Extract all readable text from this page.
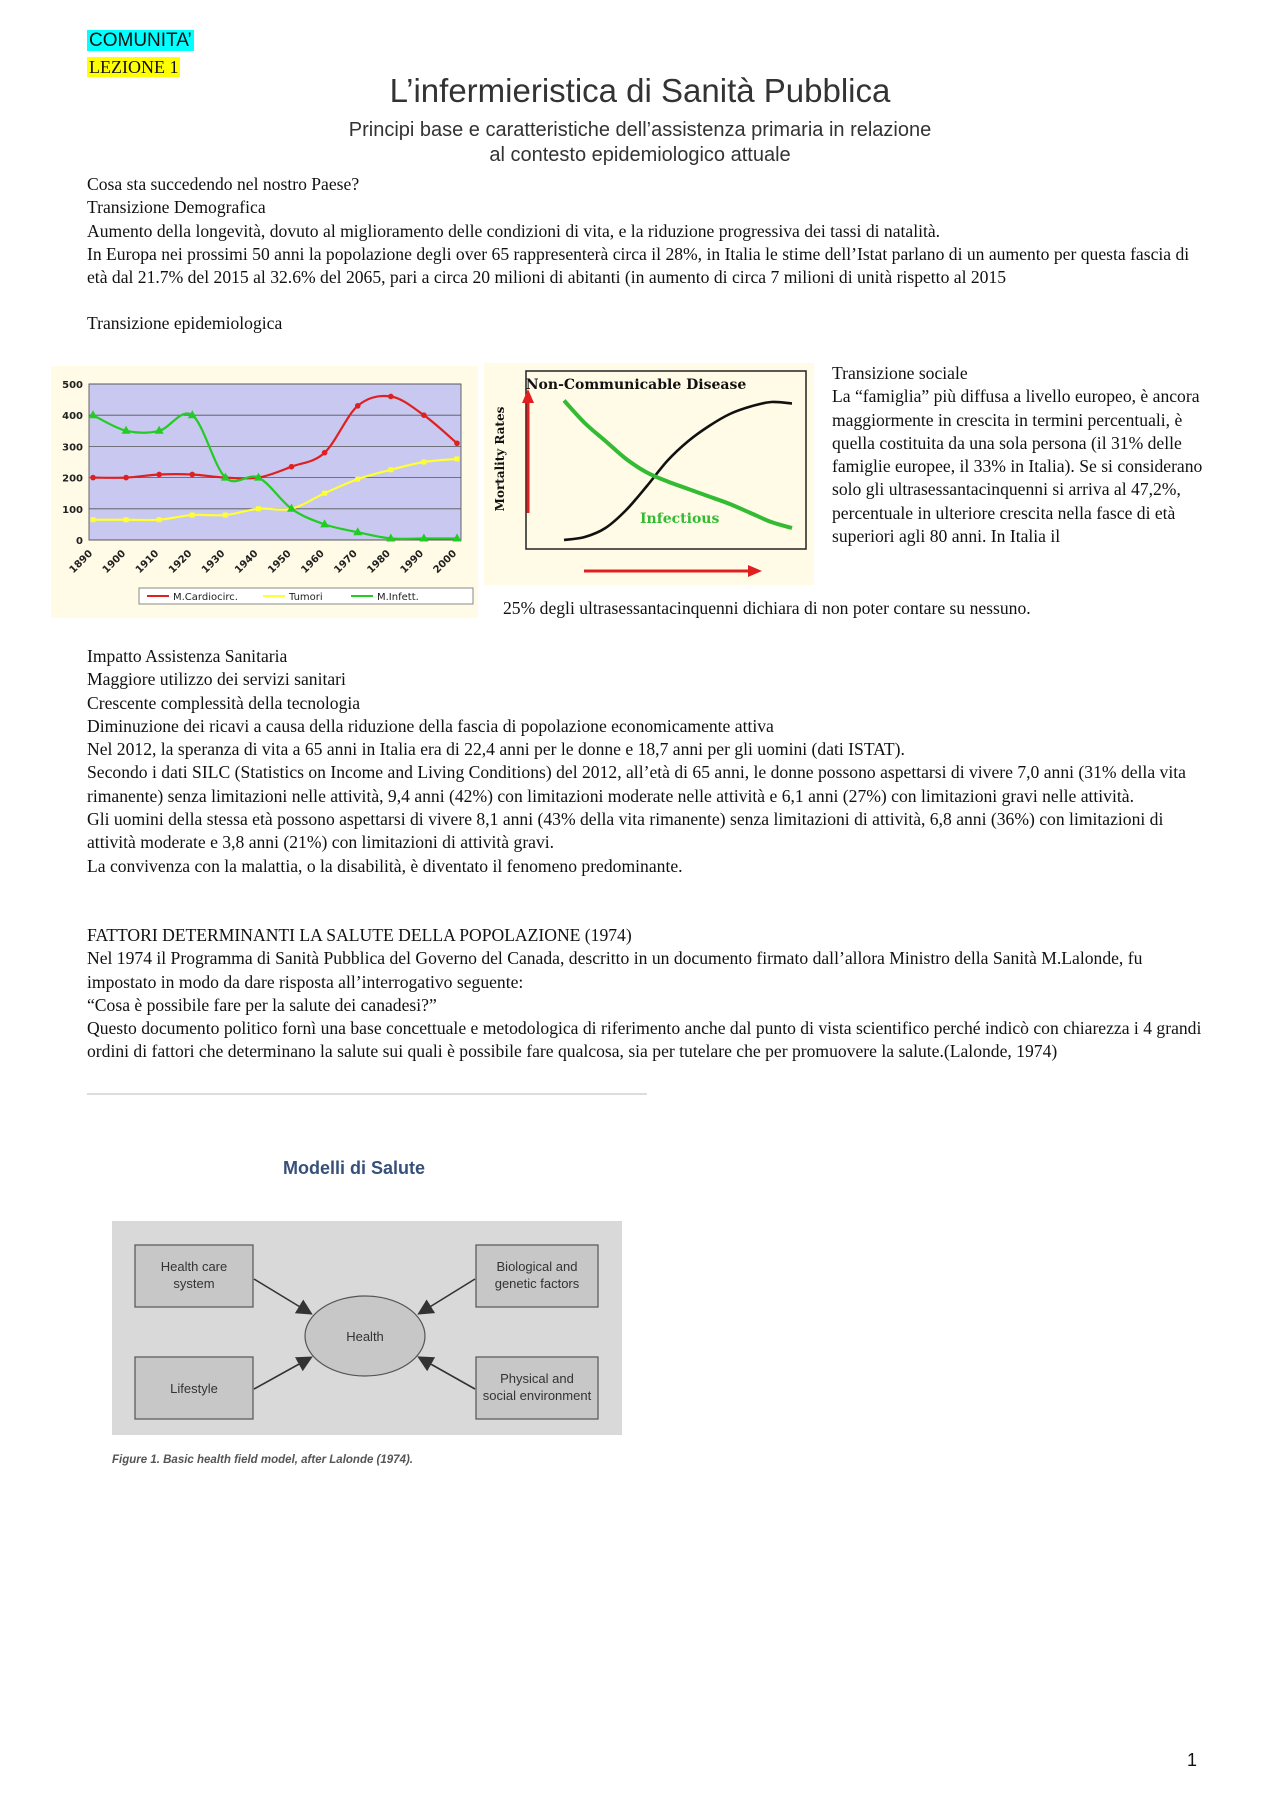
COMUNITA’
LEZIONE 1
L’infermieristica di Sanità Pubblica
Principi base e caratteristiche dell’assistenza primaria in relazione
al contesto epidemiologico attuale

Cosa sta succedendo nel nostro Paese?

Transizione Demografica

Aumento della longevità, dovuto al miglioramento delle condizioni di vita, e la riduzione progressiva dei tassi di natalità.

In Europa nei prossimi 50 anni la popolazione degli over 65 rappresenterà circa il 28%, in Italia le stime dell’Istat parlano di un aumento per questa fascia di età dal 21.7% del 2015 al 32.6% del 2065, pari a circa 20 milioni di abitanti (in aumento di circa 7 milioni di unità rispetto al 2015

Transizione epidemiologica

0
100
200
300
400
500
1890 1900 1910 1920 1930 1940 1950 1960 1970 1980 1990 2000
M.Cardiocirc.	Tumori	M.Infett.
Non-Communicable Disease
Mortality Rates
Infectious

Transizione sociale

La “famiglia” più diffusa a livello europeo, è ancora maggiormente in crescita in termini percentuali, è quella costituita da una sola persona (il 31% delle famiglie europee, il 33% in Italia). Se si considerano solo gli ultrasessantacinquenni si arriva al 47,2%, percentuale in ulteriore crescita nella fasce di età superiori agli 80 anni. In Italia il

25% degli ultrasessantacinquenni dichiara di non poter contare su nessuno.

Impatto Assistenza Sanitaria

Maggiore utilizzo dei servizi sanitari

Crescente complessità della tecnologia

Diminuzione dei ricavi a causa della riduzione della fascia di popolazione economicamente attiva

Nel 2012, la speranza di vita a 65 anni in Italia era di 22,4 anni per le donne e 18,7 anni per gli uomini (dati ISTAT).

Secondo i dati SILC (Statistics on Income and Living Conditions) del 2012, all’età di 65 anni, le donne possono aspettarsi di vivere 7,0 anni (31% della vita rimanente) senza limitazioni nelle attività, 9,4 anni (42%) con limitazioni moderate nelle attività e 6,1 anni (27%) con limitazioni gravi nelle attività.

Gli uomini della stessa età possono aspettarsi di vivere 8,1 anni (43% della vita rimanente) senza limitazioni di attività, 6,8 anni (36%) con limitazioni di attività moderate e 3,8 anni (21%) con limitazioni di attività gravi.

La convivenza con la malattia, o la disabilità, è diventato il fenomeno predominante.

FATTORI DETERMINANTI LA SALUTE DELLA POPOLAZIONE (1974)

Nel 1974 il Programma di Sanità Pubblica del Governo del Canada, descritto in un documento firmato dall’allora Ministro della Sanità M.Lalonde, fu impostato in modo da dare risposta all’interrogativo seguente:

“Cosa è possibile fare per la salute dei canadesi?”

Questo documento politico fornì una base concettuale e metodologica di riferimento anche dal punto di vista scientifico perché indicò con chiarezza i 4 grandi ordini di fattori che determinano la salute sui quali è possibile fare qualcosa, sia per tutelare che per promuovere la salute.(Lalonde, 1974)

Modelli di Salute
Health care
system
Biological and
genetic factors
Lifestyle
Physical and
social environment
Health
Figure 1. Basic health field model, after Lalonde (1974).
1
